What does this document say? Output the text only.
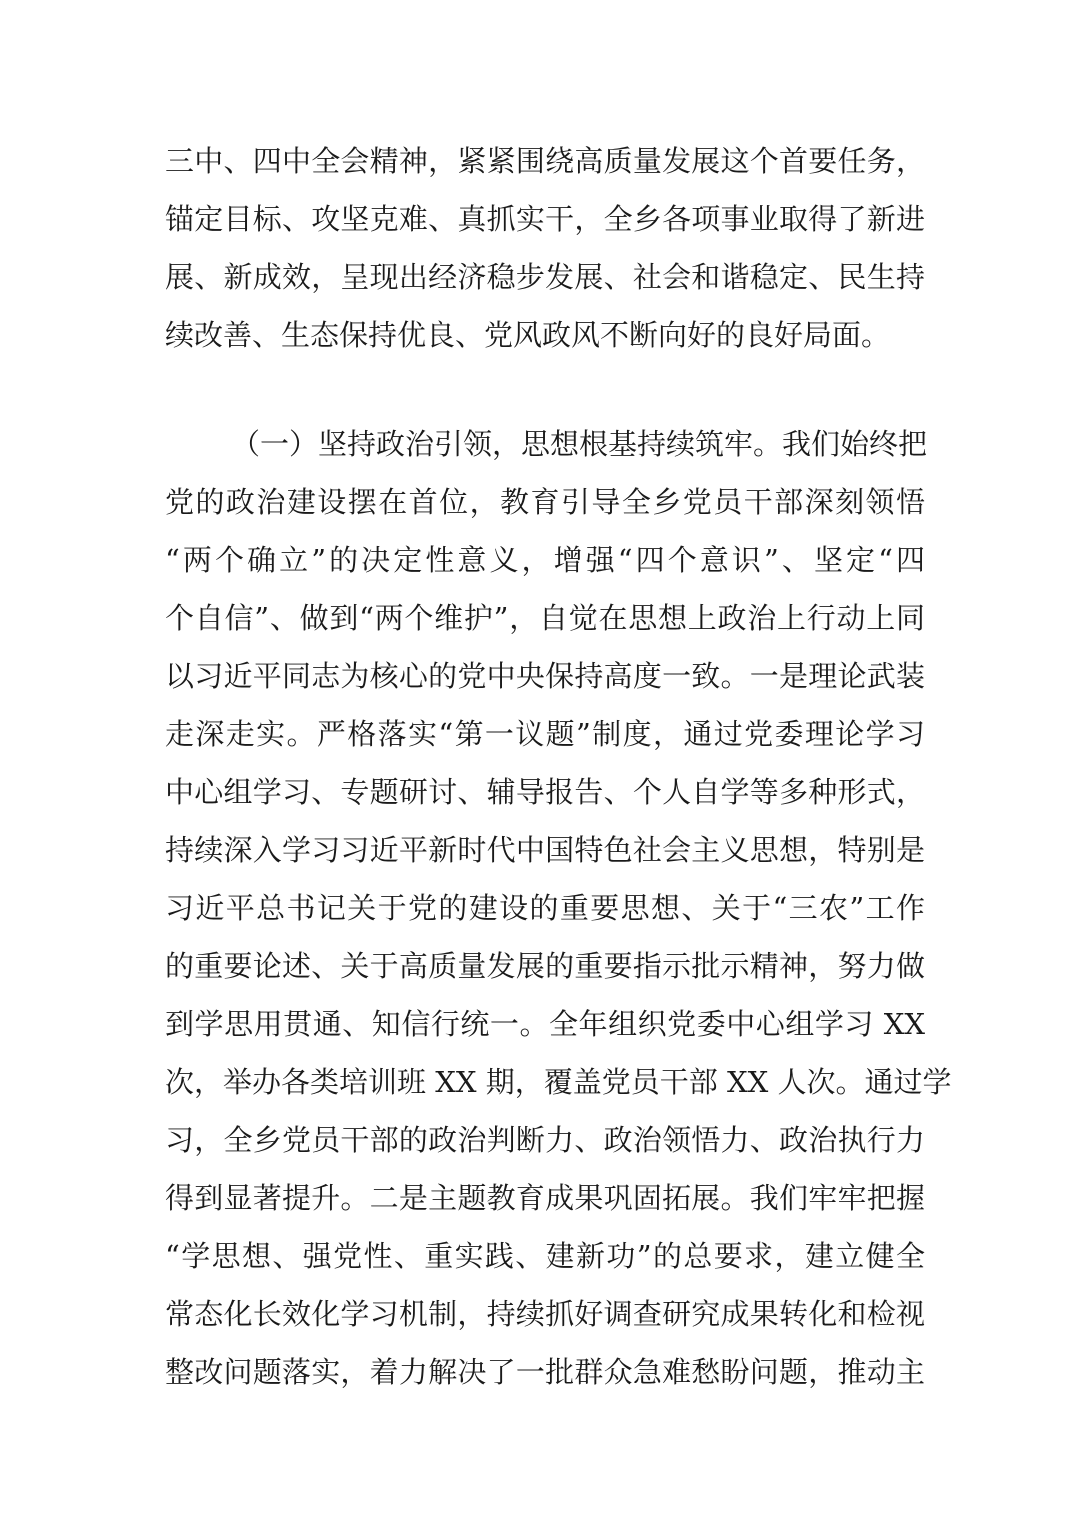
三中、四中全会精神，紧紧围绕高质量发展这个首要任务，
锚定目标、攻坚克难、真抓实干，全乡各项事业取得了新进
展、新成效，呈现出经济稳步发展、社会和谐稳定、民生持
续改善、生态保持优良、党风政风不断向好的良好局面。
（一）坚持政治引领，思想根基持续筑牢。我们始终把
党的政治建设摆在首位，教育引导全乡党员干部深刻领悟
“两个确立”的决定性意义，增强“四个意识”、坚定“四
个自信”、做到“两个维护”，自觉在思想上政治上行动上同
以习近平同志为核心的党中央保持高度一致。一是理论武装
走深走实。严格落实“第一议题”制度，通过党委理论学习
中心组学习、专题研讨、辅导报告、个人自学等多种形式，
持续深入学习习近平新时代中国特色社会主义思想，特别是
习近平总书记关于党的建设的重要思想、关于“三农”工作
的重要论述、关于高质量发展的重要指示批示精神，努力做
到学思用贯通、知信行统一。全年组织党委中心组学习 XX
次，举办各类培训班 XX 期，覆盖党员干部 XX 人次。通过学
习，全乡党员干部的政治判断力、政治领悟力、政治执行力
得到显著提升。二是主题教育成果巩固拓展。我们牢牢把握
“学思想、强党性、重实践、建新功”的总要求，建立健全
常态化长效化学习机制，持续抓好调查研究成果转化和检视
整改问题落实，着力解决了一批群众急难愁盼问题，推动主
